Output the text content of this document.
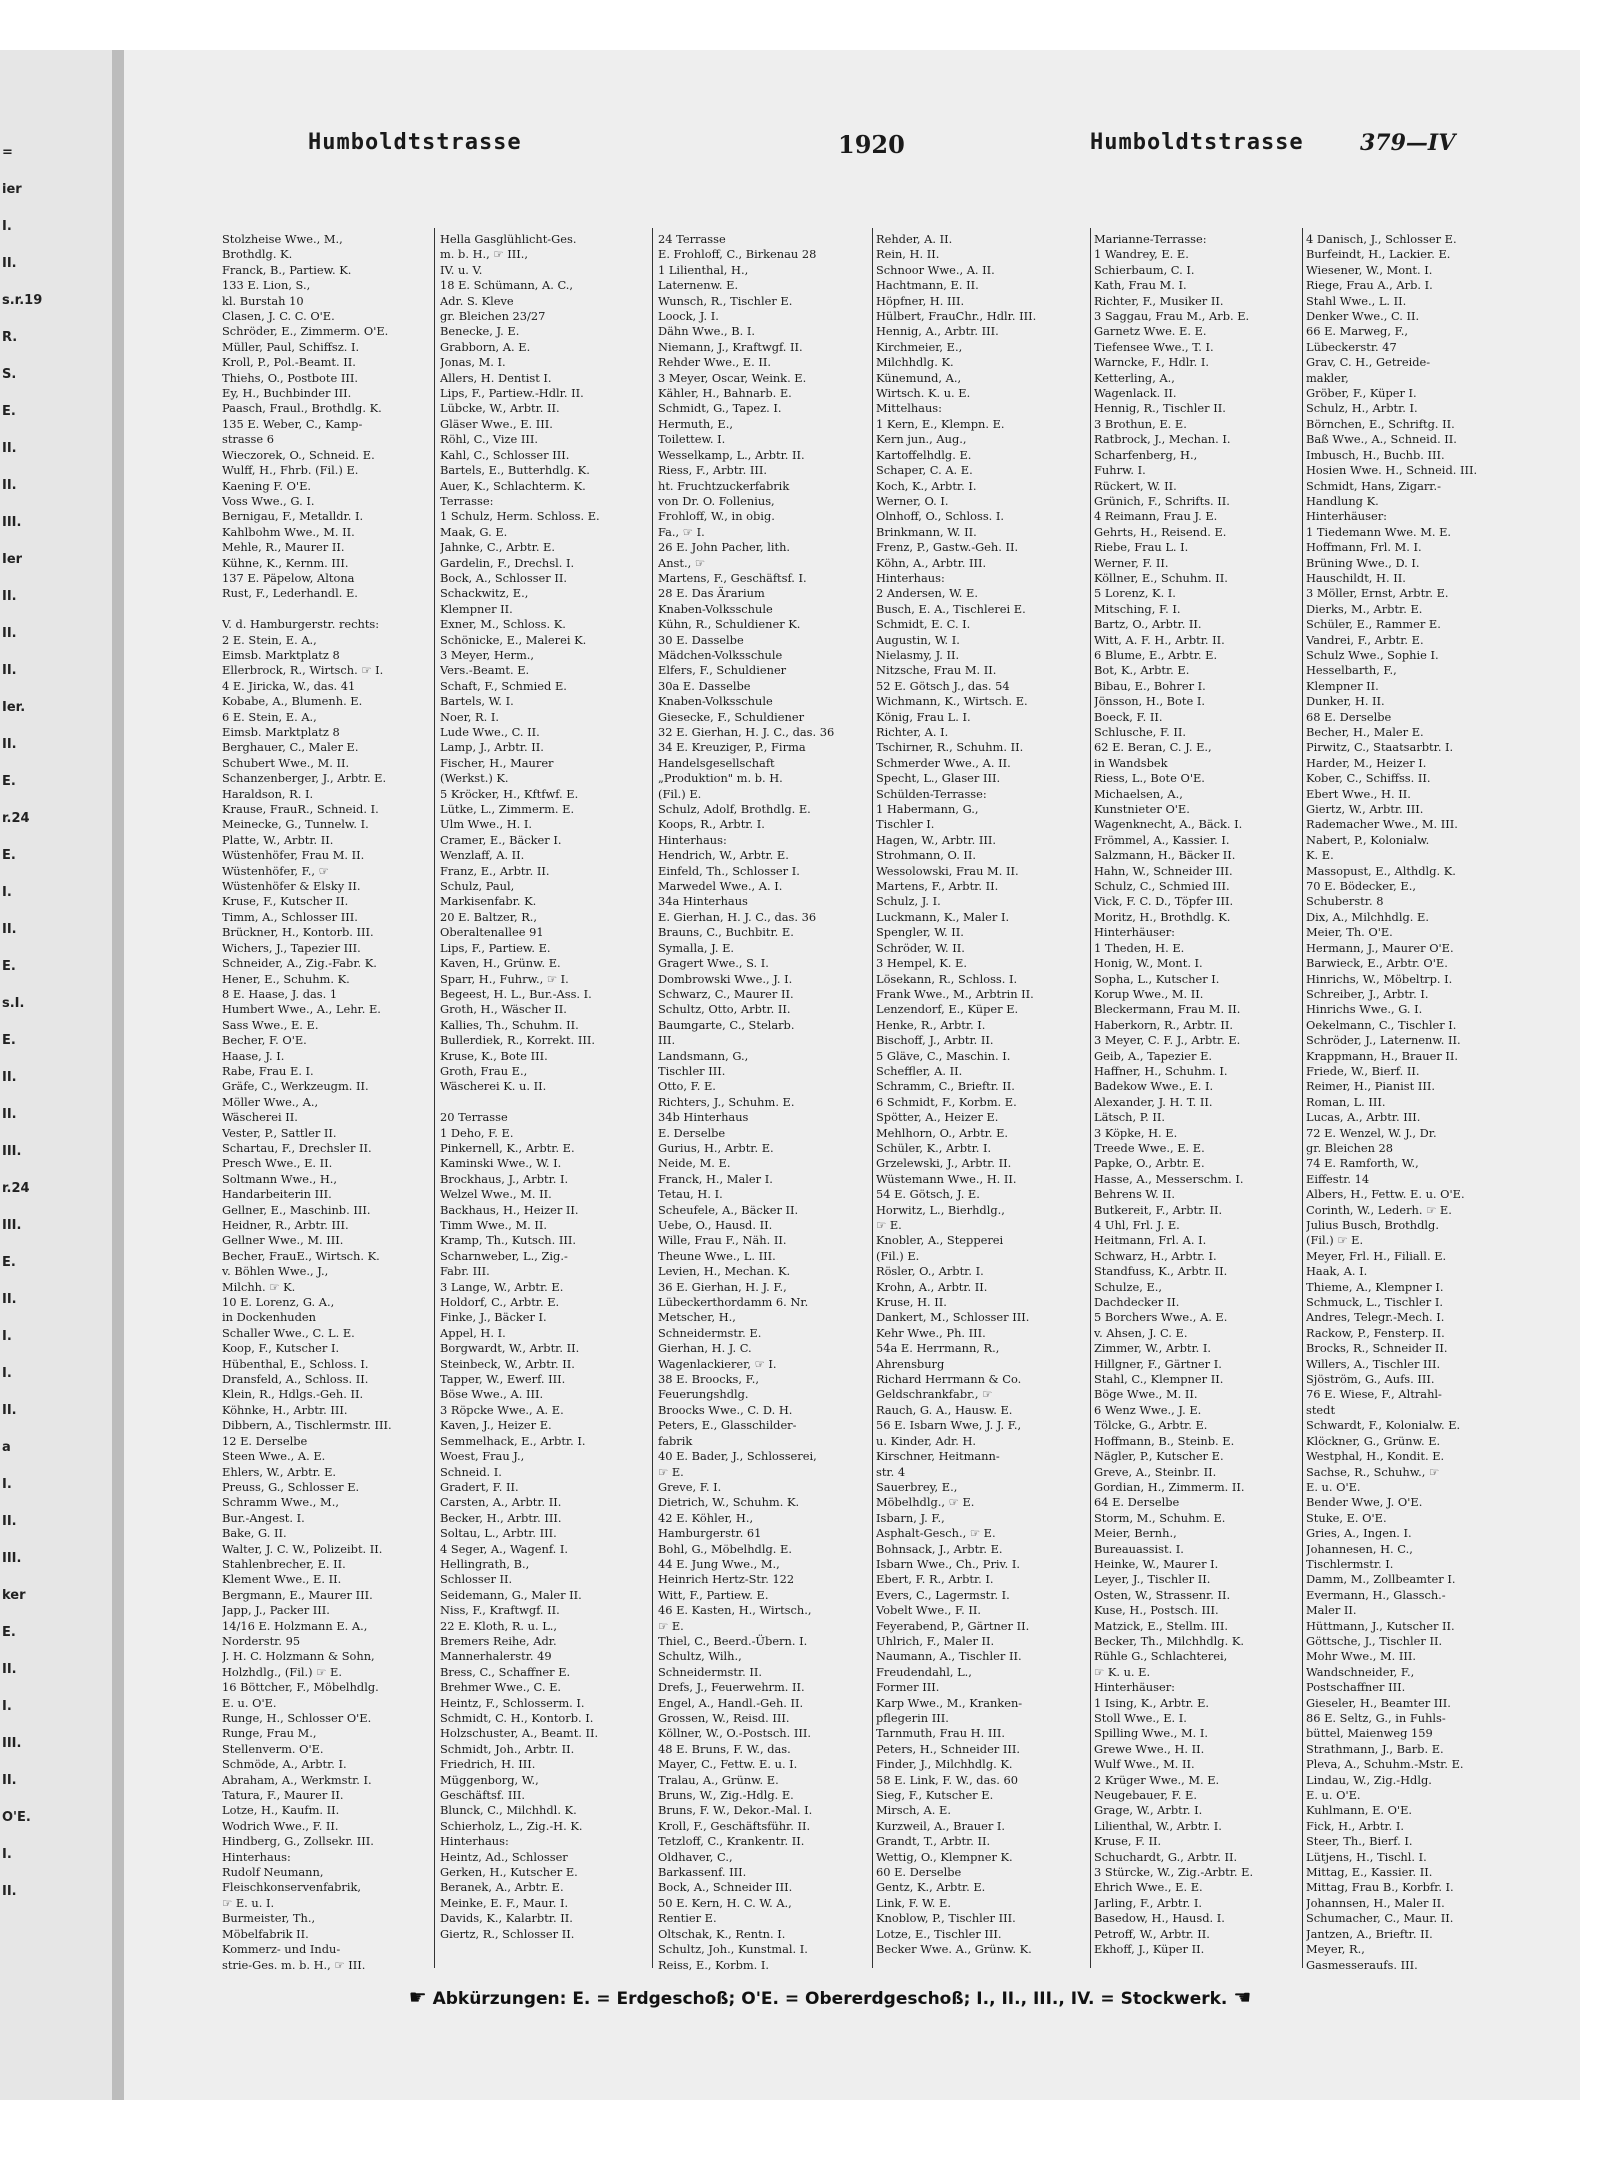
=
ier
I.
II.
s.r.19
R.
S.
E.
II.
II.
III.
Ier
II.
II.
II.
Ier.
II.
E.
r.24
E.
I.
II.
E.
s.I.
E.
II.
II.
III.
r.24
III.
E.
II.
I.
I.
II.
a
I.
II.
III.
ker
E.
II.
I.
III.
II.
O'E.
I.
II.
Humboldtstrasse	1920	Humboldtstrasse	379—IV
Stolzheise Wwe., M.,
Brothdlg. K.
Franck, B., Partiew. K.
133 E. Lion, S.,
kl. Burstah 10
Clasen, J. C. C. O'E.
Schröder, E., Zimmerm. O'E.
Müller, Paul, Schiffsz. I.
Kroll, P., Pol.-Beamt. II.
Thiehs, O., Postbote III.
Ey, H., Buchbinder III.
Paasch, Fraul., Brothdlg. K.
135 E. Weber, C., Kamp-
strasse 6
Wieczorek, O., Schneid. E.
Wulff, H., Fhrb. (Fil.) E.
Kaening F. O'E.
Voss Wwe., G. I.
Bernigau, F., Metalldr. I.
Kahlbohm Wwe., M. II.
Mehle, R., Maurer II.
Kühne, K., Kernm. III.
137 E. Päpelow, Altona
Rust, F., Lederhandl. E.

V. d. Hamburgerstr. rechts:
2 E. Stein, E. A.,
Eimsb. Marktplatz 8
Ellerbrock, R., Wirtsch. ☞ I.
4 E. Jiricka, W., das. 41
Kobabe, A., Blumenh. E.
6 E. Stein, E. A.,
Eimsb. Marktplatz 8
Berghauer, C., Maler E.
Schubert Wwe., M. II.
Schanzenberger, J., Arbtr. E.
Haraldson, R. I.
Krause, FrauR., Schneid. I.
Meinecke, G., Tunnelw. I.
Platte, W., Arbtr. II.
Wüstenhöfer, Frau M. II.
Wüstenhöfer, F., ☞
Wüstenhöfer & Elsky II.
Kruse, F., Kutscher II.
Timm, A., Schlosser III.
Brückner, H., Kontorb. III.
Wichers, J., Tapezier III.
Schneider, A., Zig.-Fabr. K.
Hener, E., Schuhm. K.
8 E. Haase, J. das. 1
Humbert Wwe., A., Lehr. E.
Sass Wwe., E. E.
Becher, F. O'E.
Haase, J. I.
Rabe, Frau E. I.
Gräfe, C., Werkzeugm. II.
Möller Wwe., A.,
Wäscherei II.
Vester, P., Sattler II.
Schartau, F., Drechsler II.
Presch Wwe., E. II.
Soltmann Wwe., H.,
Handarbeiterin III.
Gellner, E., Maschinb. III.
Heidner, R., Arbtr. III.
Gellner Wwe., M. III.
Becher, FrauE., Wirtsch. K.
v. Böhlen Wwe., J.,
Milchh. ☞ K.
10 E. Lorenz, G. A.,
in Dockenhuden
Schaller Wwe., C. L. E.
Koop, F., Kutscher I.
Hübenthal, E., Schloss. I.
Dransfeld, A., Schloss. II.
Klein, R., Hdlgs.-Geh. II.
Köhnke, H., Arbtr. III.
Dibbern, A., Tischlermstr. III.
12 E. Derselbe
Steen Wwe., A. E.
Ehlers, W., Arbtr. E.
Preuss, G., Schlosser E.
Schramm Wwe., M.,
Bur.-Angest. I.
Bake, G. II.
Walter, J. C. W., Polizeibt. II.
Stahlenbrecher, E. II.
Klement Wwe., E. II.
Bergmann, E., Maurer III.
Japp, J., Packer III.
14/16 E. Holzmann E. A.,
Norderstr. 95
J. H. C. Holzmann & Sohn,
Holzhdlg., (Fil.) ☞ E.
16 Böttcher, F., Möbelhdlg.
E. u. O'E.
Runge, H., Schlosser O'E.
Runge, Frau M.,
Stellenverm. O'E.
Schmöde, A., Arbtr. I.
Abraham, A., Werkmstr. I.
Tatura, F., Maurer II.
Lotze, H., Kaufm. II.
Wodrich Wwe., F. II.
Hindberg, G., Zollsekr. III.
Hinterhaus:
Rudolf Neumann,
Fleischkonservenfabrik,
☞ E. u. I.
Burmeister, Th.,
Möbelfabrik II.
Kommerz- und Indu-
strie-Ges. m. b. H., ☞ III.
Hella Gasglühlicht-Ges.
m. b. H., ☞ III.,
IV. u. V.
18 E. Schümann, A. C.,
Adr. S. Kleve
gr. Bleichen 23/27
Benecke, J. E.
Grabborn, A. E.
Jonas, M. I.
Allers, H. Dentist I.
Lips, F., Partiew.-Hdlr. II.
Lübcke, W., Arbtr. II.
Gläser Wwe., E. III.
Röhl, C., Vize III.
Kahl, C., Schlosser III.
Bartels, E., Butterhdlg. K.
Auer, K., Schlachterm. K.
Terrasse:
1 Schulz, Herm. Schloss. E.
Maak, G. E.
Jahnke, C., Arbtr. E.
Gardelin, F., Drechsl. I.
Bock, A., Schlosser II.
Schackwitz, E.,
Klempner II.
Exner, M., Schloss. K.
Schönicke, E., Malerei K.
3 Meyer, Herm.,
Vers.-Beamt. E.
Schaft, F., Schmied E.
Bartels, W. I.
Noer, R. I.
Lude Wwe., C. II.
Lamp, J., Arbtr. II.
Fischer, H., Maurer
(Werkst.) K.
5 Kröcker, H., Kftfwf. E.
Lütke, L., Zimmerm. E.
Ulm Wwe., H. I.
Cramer, E., Bäcker I.
Wenzlaff, A. II.
Franz, E., Arbtr. II.
Schulz, Paul,
Markisenfabr. K.
20 E. Baltzer, R.,
Oberaltenallee 91
Lips, F., Partiew. E.
Kaven, H., Grünw. E.
Sparr, H., Fuhrw., ☞ I.
Begeest, H. L., Bur.-Ass. I.
Groth, H., Wäscher II.
Kallies, Th., Schuhm. II.
Bullerdiek, R., Korrekt. III.
Kruse, K., Bote III.
Groth, Frau E.,
Wäscherei K. u. II.

20 Terrasse
1 Deho, F. E.
Pinkernell, K., Arbtr. E.
Kaminski Wwe., W. I.
Brockhaus, J., Arbtr. I.
Welzel Wwe., M. II.
Backhaus, H., Heizer II.
Timm Wwe., M. II.
Kramp, Th., Kutsch. III.
Scharnweber, L., Zig.-
Fabr. III.
3 Lange, W., Arbtr. E.
Holdorf, C., Arbtr. E.
Finke, J., Bäcker I.
Appel, H. I.
Borgwardt, W., Arbtr. II.
Steinbeck, W., Arbtr. II.
Tapper, W., Ewerf. III.
Böse Wwe., A. III.
3 Röpcke Wwe., A. E.
Kaven, J., Heizer E.
Semmelhack, E., Arbtr. I.
Woest, Frau J.,
Schneid. I.
Gradert, F. II.
Carsten, A., Arbtr. II.
Becker, H., Arbtr. III.
Soltau, L., Arbtr. III.
4 Seger, A., Wagenf. I.
Hellingrath, B.,
Schlosser II.
Seidemann, G., Maler II.
Niss, F., Kraftwgf. II.
22 E. Kloth, R. u. L.,
Bremers Reihe, Adr.
Mannerhalerstr. 49
Bress, C., Schaffner E.
Brehmer Wwe., C. E.
Heintz, F., Schlosserm. I.
Schmidt, C. H., Kontorb. I.
Holzschuster, A., Beamt. II.
Schmidt, Joh., Arbtr. II.
Friedrich, H. III.
Müggenborg, W.,
Geschäftsf. III.
Blunck, C., Milchhdl. K.
Schierholz, L., Zig.-H. K.
Hinterhaus:
Heintz, Ad., Schlosser
Gerken, H., Kutscher E.
Beranek, A., Arbtr. E.
Meinke, E. F., Maur. I.
Davids, K., Kalarbtr. II.
Giertz, R., Schlosser II.
24 Terrasse
E. Frohloff, C., Birkenau 28
1 Lilienthal, H.,
Laternenw. E.
Wunsch, R., Tischler E.
Loock, J. I.
Dähn Wwe., B. I.
Niemann, J., Kraftwgf. II.
Rehder Wwe., E. II.
3 Meyer, Oscar, Weink. E.
Kähler, H., Bahnarb. E.
Schmidt, G., Tapez. I.
Hermuth, E.,
Toilettew. I.
Wesselkamp, L., Arbtr. II.
Riess, F., Arbtr. III.
ht. Fruchtzuckerfabrik
von Dr. O. Follenius,
Frohloff, W., in obig.
Fa., ☞ I.
26 E. John Pacher, lith.
Anst., ☞
Martens, F., Geschäftsf. I.
28 E. Das Ärarium
Knaben-Volksschule
Kühn, R., Schuldiener K.
30 E. Dasselbe
Mädchen-Volksschule
Elfers, F., Schuldiener
30a E. Dasselbe
Knaben-Volksschule
Giesecke, F., Schuldiener
32 E. Gierhan, H. J. C., das. 36
34 E. Kreuziger, P., Firma
Handelsgesellschaft
„Produktion" m. b. H.
(Fil.) E.
Schulz, Adolf, Brothdlg. E.
Koops, R., Arbtr. I.
Hinterhaus:
Hendrich, W., Arbtr. E.
Einfeld, Th., Schlosser I.
Marwedel Wwe., A. I.
34a Hinterhaus
E. Gierhan, H. J. C., das. 36
Brauns, C., Buchbitr. E.
Symalla, J. E.
Gragert Wwe., S. I.
Dombrowski Wwe., J. I.
Schwarz, C., Maurer II.
Schultz, Otto, Arbtr. II.
Baumgarte, C., Stelarb.
III.
Landsmann, G.,
Tischler III.
Otto, F. E.
Richters, J., Schuhm. E.
34b Hinterhaus
E. Derselbe
Gurius, H., Arbtr. E.
Neide, M. E.
Franck, H., Maler I.
Tetau, H. I.
Scheufele, A., Bäcker II.
Uebe, O., Hausd. II.
Wille, Frau F., Näh. II.
Theune Wwe., L. III.
Levien, H., Mechan. K.
36 E. Gierhan, H. J. F.,
Lübeckerthordamm 6. Nr.
Metscher, H.,
Schneidermstr. E.
Gierhan, H. J. C.
Wagenlackierer, ☞ I.
38 E. Broocks, F.,
Feuerungshdlg.
Broocks Wwe., C. D. H.
Peters, E., Glasschilder-
fabrik
40 E. Bader, J., Schlosserei,
☞ E.
Greve, F. I.
Dietrich, W., Schuhm. K.
42 E. Köhler, H.,
Hamburgerstr. 61
Bohl, G., Möbelhdlg. E.
44 E. Jung Wwe., M.,
Heinrich Hertz-Str. 122
Witt, F., Partiew. E.
46 E. Kasten, H., Wirtsch.,
☞ E.
Thiel, C., Beerd.-Übern. I.
Schultz, Wilh.,
Schneidermstr. II.
Drefs, J., Feuerwehrm. II.
Engel, A., Handl.-Geh. II.
Grossen, W., Reisd. III.
Köllner, W., O.-Postsch. III.
48 E. Bruns, F. W., das.
Mayer, C., Fettw. E. u. I.
Tralau, A., Grünw. E.
Bruns, W., Zig.-Hdlg. E.
Bruns, F. W., Dekor.-Mal. I.
Kroll, F., Geschäftsführ. II.
Tetzloff, C., Krankentr. II.
Oldhaver, C.,
Barkassenf. III.
Bock, A., Schneider III.
50 E. Kern, H. C. W. A.,
Rentier E.
Oltschak, K., Rentn. I.
Schultz, Joh., Kunstmal. I.
Reiss, E., Korbm. I.
Rehder, A. II.
Rein, H. II.
Schnoor Wwe., A. II.
Hachtmann, E. II.
Höpfner, H. III.
Hülbert, FrauChr., Hdlr. III.
Hennig, A., Arbtr. III.
Kirchmeier, E.,
Milchhdlg. K.
Künemund, A.,
Wirtsch. K. u. E.
Mittelhaus:
1 Kern, E., Klempn. E.
Kern jun., Aug.,
Kartoffelhdlg. E.
Schaper, C. A. E.
Koch, K., Arbtr. I.
Werner, O. I.
Olnhoff, O., Schloss. I.
Brinkmann, W. II.
Frenz, P., Gastw.-Geh. II.
Köhn, A., Arbtr. III.
Hinterhaus:
2 Andersen, W. E.
Busch, E. A., Tischlerei E.
Schmidt, E. C. I.
Augustin, W. I.
Nielasmy, J. II.
Nitzsche, Frau M. II.
52 E. Götsch J., das. 54
Wichmann, K., Wirtsch. E.
König, Frau L. I.
Richter, A. I.
Tschirner, R., Schuhm. II.
Schmerder Wwe., A. II.
Specht, L., Glaser III.
Schülden-Terrasse:
1 Habermann, G.,
Tischler I.
Hagen, W., Arbtr. III.
Strohmann, O. II.
Wessolowski, Frau M. II.
Martens, F., Arbtr. II.
Schulz, J. I.
Luckmann, K., Maler I.
Spengler, W. II.
Schröder, W. II.
3 Hempel, K. E.
Lösekann, R., Schloss. I.
Frank Wwe., M., Arbtrin II.
Lenzendorf, E., Küper E.
Henke, R., Arbtr. I.
Bischoff, J., Arbtr. II.
5 Gläve, C., Maschin. I.
Scheffler, A. II.
Schramm, C., Brieftr. II.
6 Schmidt, F., Korbm. E.
Spötter, A., Heizer E.
Mehlhorn, O., Arbtr. E.
Schüler, K., Arbtr. I.
Grzelewski, J., Arbtr. II.
Wüstemann Wwe., H. II.
54 E. Götsch, J. E.
Horwitz, L., Bierhdlg.,
☞ E.
Knobler, A., Stepperei
(Fil.) E.
Rösler, O., Arbtr. I.
Krohn, A., Arbtr. II.
Kruse, H. II.
Dankert, M., Schlosser III.
Kehr Wwe., Ph. III.
54a E. Herrmann, R.,
Ahrensburg
Richard Herrmann & Co.
Geldschrankfabr., ☞
Rauch, G. A., Hausw. E.
56 E. Isbarn Wwe, J. J. F.,
u. Kinder, Adr. H.
Kirschner, Heitmann-
str. 4
Sauerbrey, E.,
Möbelhdlg., ☞ E.
Isbarn, J. F.,
Asphalt-Gesch., ☞ E.
Bohnsack, J., Arbtr. E.
Isbarn Wwe., Ch., Priv. I.
Ebert, F. R., Arbtr. I.
Evers, C., Lagermstr. I.
Vobelt Wwe., F. II.
Feyerabend, P., Gärtner II.
Uhlrich, F., Maler II.
Naumann, A., Tischler II.
Freudendahl, L.,
Former III.
Karp Wwe., M., Kranken-
pflegerin III.
Tarnmuth, Frau H. III.
Peters, H., Schneider III.
Finder, J., Milchhdlg. K.
58 E. Link, F. W., das. 60
Sieg, F., Kutscher E.
Mirsch, A. E.
Kurzweil, A., Brauer I.
Grandt, T., Arbtr. II.
Wettig, O., Klempner K.
60 E. Derselbe
Gentz, K., Arbtr. E.
Link, F. W. E.
Knoblow, P., Tischler III.
Lotze, E., Tischler III.
Becker Wwe. A., Grünw. K.
Marianne-Terrasse:
1 Wandrey, E. E.
Schierbaum, C. I.
Kath, Frau M. I.
Richter, F., Musiker II.
3 Saggau, Frau M., Arb. E.
Garnetz Wwe. E. E.
Tiefensee Wwe., T. I.
Warncke, F., Hdlr. I.
Ketterling, A.,
Wagenlack. II.
Hennig, R., Tischler II.
3 Brothun, E. E.
Ratbrock, J., Mechan. I.
Scharfenberg, H.,
Fuhrw. I.
Rückert, W. II.
Grünich, F., Schrifts. II.
4 Reimann, Frau J. E.
Gehrts, H., Reisend. E.
Riebe, Frau L. I.
Werner, F. II.
Köllner, E., Schuhm. II.
5 Lorenz, K. I.
Mitsching, F. I.
Bartz, O., Arbtr. II.
Witt, A. F. H., Arbtr. II.
6 Blume, E., Arbtr. E.
Bot, K., Arbtr. E.
Bibau, E., Bohrer I.
Jönsson, H., Bote I.
Boeck, F. II.
Schlusche, F. II.
62 E. Beran, C. J. E.,
in Wandsbek
Riess, L., Bote O'E.
Michaelsen, A.,
Kunstnieter O'E.
Wagenknecht, A., Bäck. I.
Frömmel, A., Kassier. I.
Salzmann, H., Bäcker II.
Hahn, W., Schneider III.
Schulz, C., Schmied III.
Vick, F. C. D., Töpfer III.
Moritz, H., Brothdlg. K.
Hinterhäuser:
1 Theden, H. E.
Honig, W., Mont. I.
Sopha, L., Kutscher I.
Korup Wwe., M. II.
Bleckermann, Frau M. II.
Haberkorn, R., Arbtr. II.
3 Meyer, C. F. J., Arbtr. E.
Geib, A., Tapezier E.
Haffner, H., Schuhm. I.
Badekow Wwe., E. I.
Alexander, J. H. T. II.
Lätsch, P. II.
3 Köpke, H. E.
Treede Wwe., E. E.
Papke, O., Arbtr. E.
Hasse, A., Messerschm. I.
Behrens W. II.
Butkereit, F., Arbtr. II.
4 Uhl, Frl. J. E.
Heitmann, Frl. A. I.
Schwarz, H., Arbtr. I.
Standfuss, K., Arbtr. II.
Schulze, E.,
Dachdecker II.
5 Borchers Wwe., A. E.
v. Ahsen, J. C. E.
Zimmer, W., Arbtr. I.
Hillgner, F., Gärtner I.
Stahl, C., Klempner II.
Böge Wwe., M. II.
6 Wenz Wwe., J. E.
Tölcke, G., Arbtr. E.
Hoffmann, B., Steinb. E.
Nägler, P., Kutscher E.
Greve, A., Steinbr. II.
Gordian, H., Zimmerm. II.
64 E. Derselbe
Storm, M., Schuhm. E.
Meier, Bernh.,
Bureauassist. I.
Heinke, W., Maurer I.
Leyer, J., Tischler II.
Osten, W., Strassenr. II.
Kuse, H., Postsch. III.
Matzick, E., Stellm. III.
Becker, Th., Milchhdlg. K.
Rühle G., Schlachterei,
☞ K. u. E.
Hinterhäuser:
1 Ising, K., Arbtr. E.
Stoll Wwe., E. I.
Spilling Wwe., M. I.
Grewe Wwe., H. II.
Wulf Wwe., M. II.
2 Krüger Wwe., M. E.
Neugebauer, F. E.
Grage, W., Arbtr. I.
Lilienthal, W., Arbtr. I.
Kruse, F. II.
Schuchardt, G., Arbtr. II.
3 Stürcke, W., Zig.-Arbtr. E.
Ehrich Wwe., E. E.
Jarling, F., Arbtr. I.
Basedow, H., Hausd. I.
Petroff, W., Arbtr. II.
Ekhoff, J., Küper II.
4 Danisch, J., Schlosser E.
Burfeindt, H., Lackier. E.
Wiesener, W., Mont. I.
Riege, Frau A., Arb. I.
Stahl Wwe., L. II.
Denker Wwe., C. II.
66 E. Marweg, F.,
Lübeckerstr. 47
Grav, C. H., Getreide-
makler,
Gröber, F., Küper I.
Schulz, H., Arbtr. I.
Börnchen, E., Schriftg. II.
Baß Wwe., A., Schneid. II.
Imbusch, H., Buchb. III.
Hosien Wwe. H., Schneid. III.
Schmidt, Hans, Zigarr.-
Handlung K.
Hinterhäuser:
1 Tiedemann Wwe. M. E.
Hoffmann, Frl. M. I.
Brüning Wwe., D. I.
Hauschildt, H. II.
3 Möller, Ernst, Arbtr. E.
Dierks, M., Arbtr. E.
Schüler, E., Rammer E.
Vandrei, F., Arbtr. E.
Schulz Wwe., Sophie I.
Hesselbarth, F.,
Klempner II.
Dunker, H. II.
68 E. Derselbe
Becher, H., Maler E.
Pirwitz, C., Staatsarbtr. I.
Harder, M., Heizer I.
Kober, C., Schiffss. II.
Ebert Wwe., H. II.
Giertz, W., Arbtr. III.
Rademacher Wwe., M. III.
Nabert, P., Kolonialw.
K. E.
Massopust, E., Althdlg. K.
70 E. Bödecker, E.,
Schuberstr. 8
Dix, A., Milchhdlg. E.
Meier, Th. O'E.
Hermann, J., Maurer O'E.
Barwieck, E., Arbtr. O'E.
Hinrichs, W., Möbeltrp. I.
Schreiber, J., Arbtr. I.
Hinrichs Wwe., G. I.
Oekelmann, C., Tischler I.
Schröder, J., Laternenw. II.
Krappmann, H., Brauer II.
Friede, W., Bierf. II.
Reimer, H., Pianist III.
Roman, L. III.
Lucas, A., Arbtr. III.
72 E. Wenzel, W. J., Dr.
gr. Bleichen 28
74 E. Ramforth, W.,
Eiffestr. 14
Albers, H., Fettw. E. u. O'E.
Corinth, W., Lederh. ☞ E.
Julius Busch, Brothdlg.
(Fil.) ☞ E.
Meyer, Frl. H., Filiall. E.
Haak, A. I.
Thieme, A., Klempner I.
Schmuck, L., Tischler I.
Andres, Telegr.-Mech. I.
Rackow, P., Fensterp. II.
Brocks, R., Schneider II.
Willers, A., Tischler III.
Sjöström, G., Aufs. III.
76 E. Wiese, F., Altrahl-
stedt
Schwardt, F., Kolonialw. E.
Klöckner, G., Grünw. E.
Westphal, H., Kondit. E.
Sachse, R., Schuhw., ☞
E. u. O'E.
Bender Wwe, J. O'E.
Stuke, E. O'E.
Gries, A., Ingen. I.
Johannesen, H. C.,
Tischlermstr. I.
Damm, M., Zollbeamter I.
Evermann, H., Glassch.-
Maler II.
Hüttmann, J., Kutscher II.
Göttsche, J., Tischler II.
Mohr Wwe., M. III.
Wandschneider, F.,
Postschaffner III.
Gieseler, H., Beamter III.
86 E. Seltz, G., in Fuhls-
büttel, Maienweg 159
Strathmann, J., Barb. E.
Pleva, A., Schuhm.-Mstr. E.
Lindau, W., Zig.-Hdlg.
E. u. O'E.
Kuhlmann, E. O'E.
Fick, H., Arbtr. I.
Steer, Th., Bierf. I.
Lütjens, H., Tischl. I.
Mittag, E., Kassier. II.
Mittag, Frau B., Korbfr. I.
Johannsen, H., Maler II.
Schumacher, C., Maur. II.
Jantzen, A., Brieftr. II.
Meyer, R.,
Gasmesseraufs. III.
☛ Abkürzungen: E. = Erdgeschoß; O'E. = Obererdgeschoß; I., II., III., IV. = Stockwerk. ☚
